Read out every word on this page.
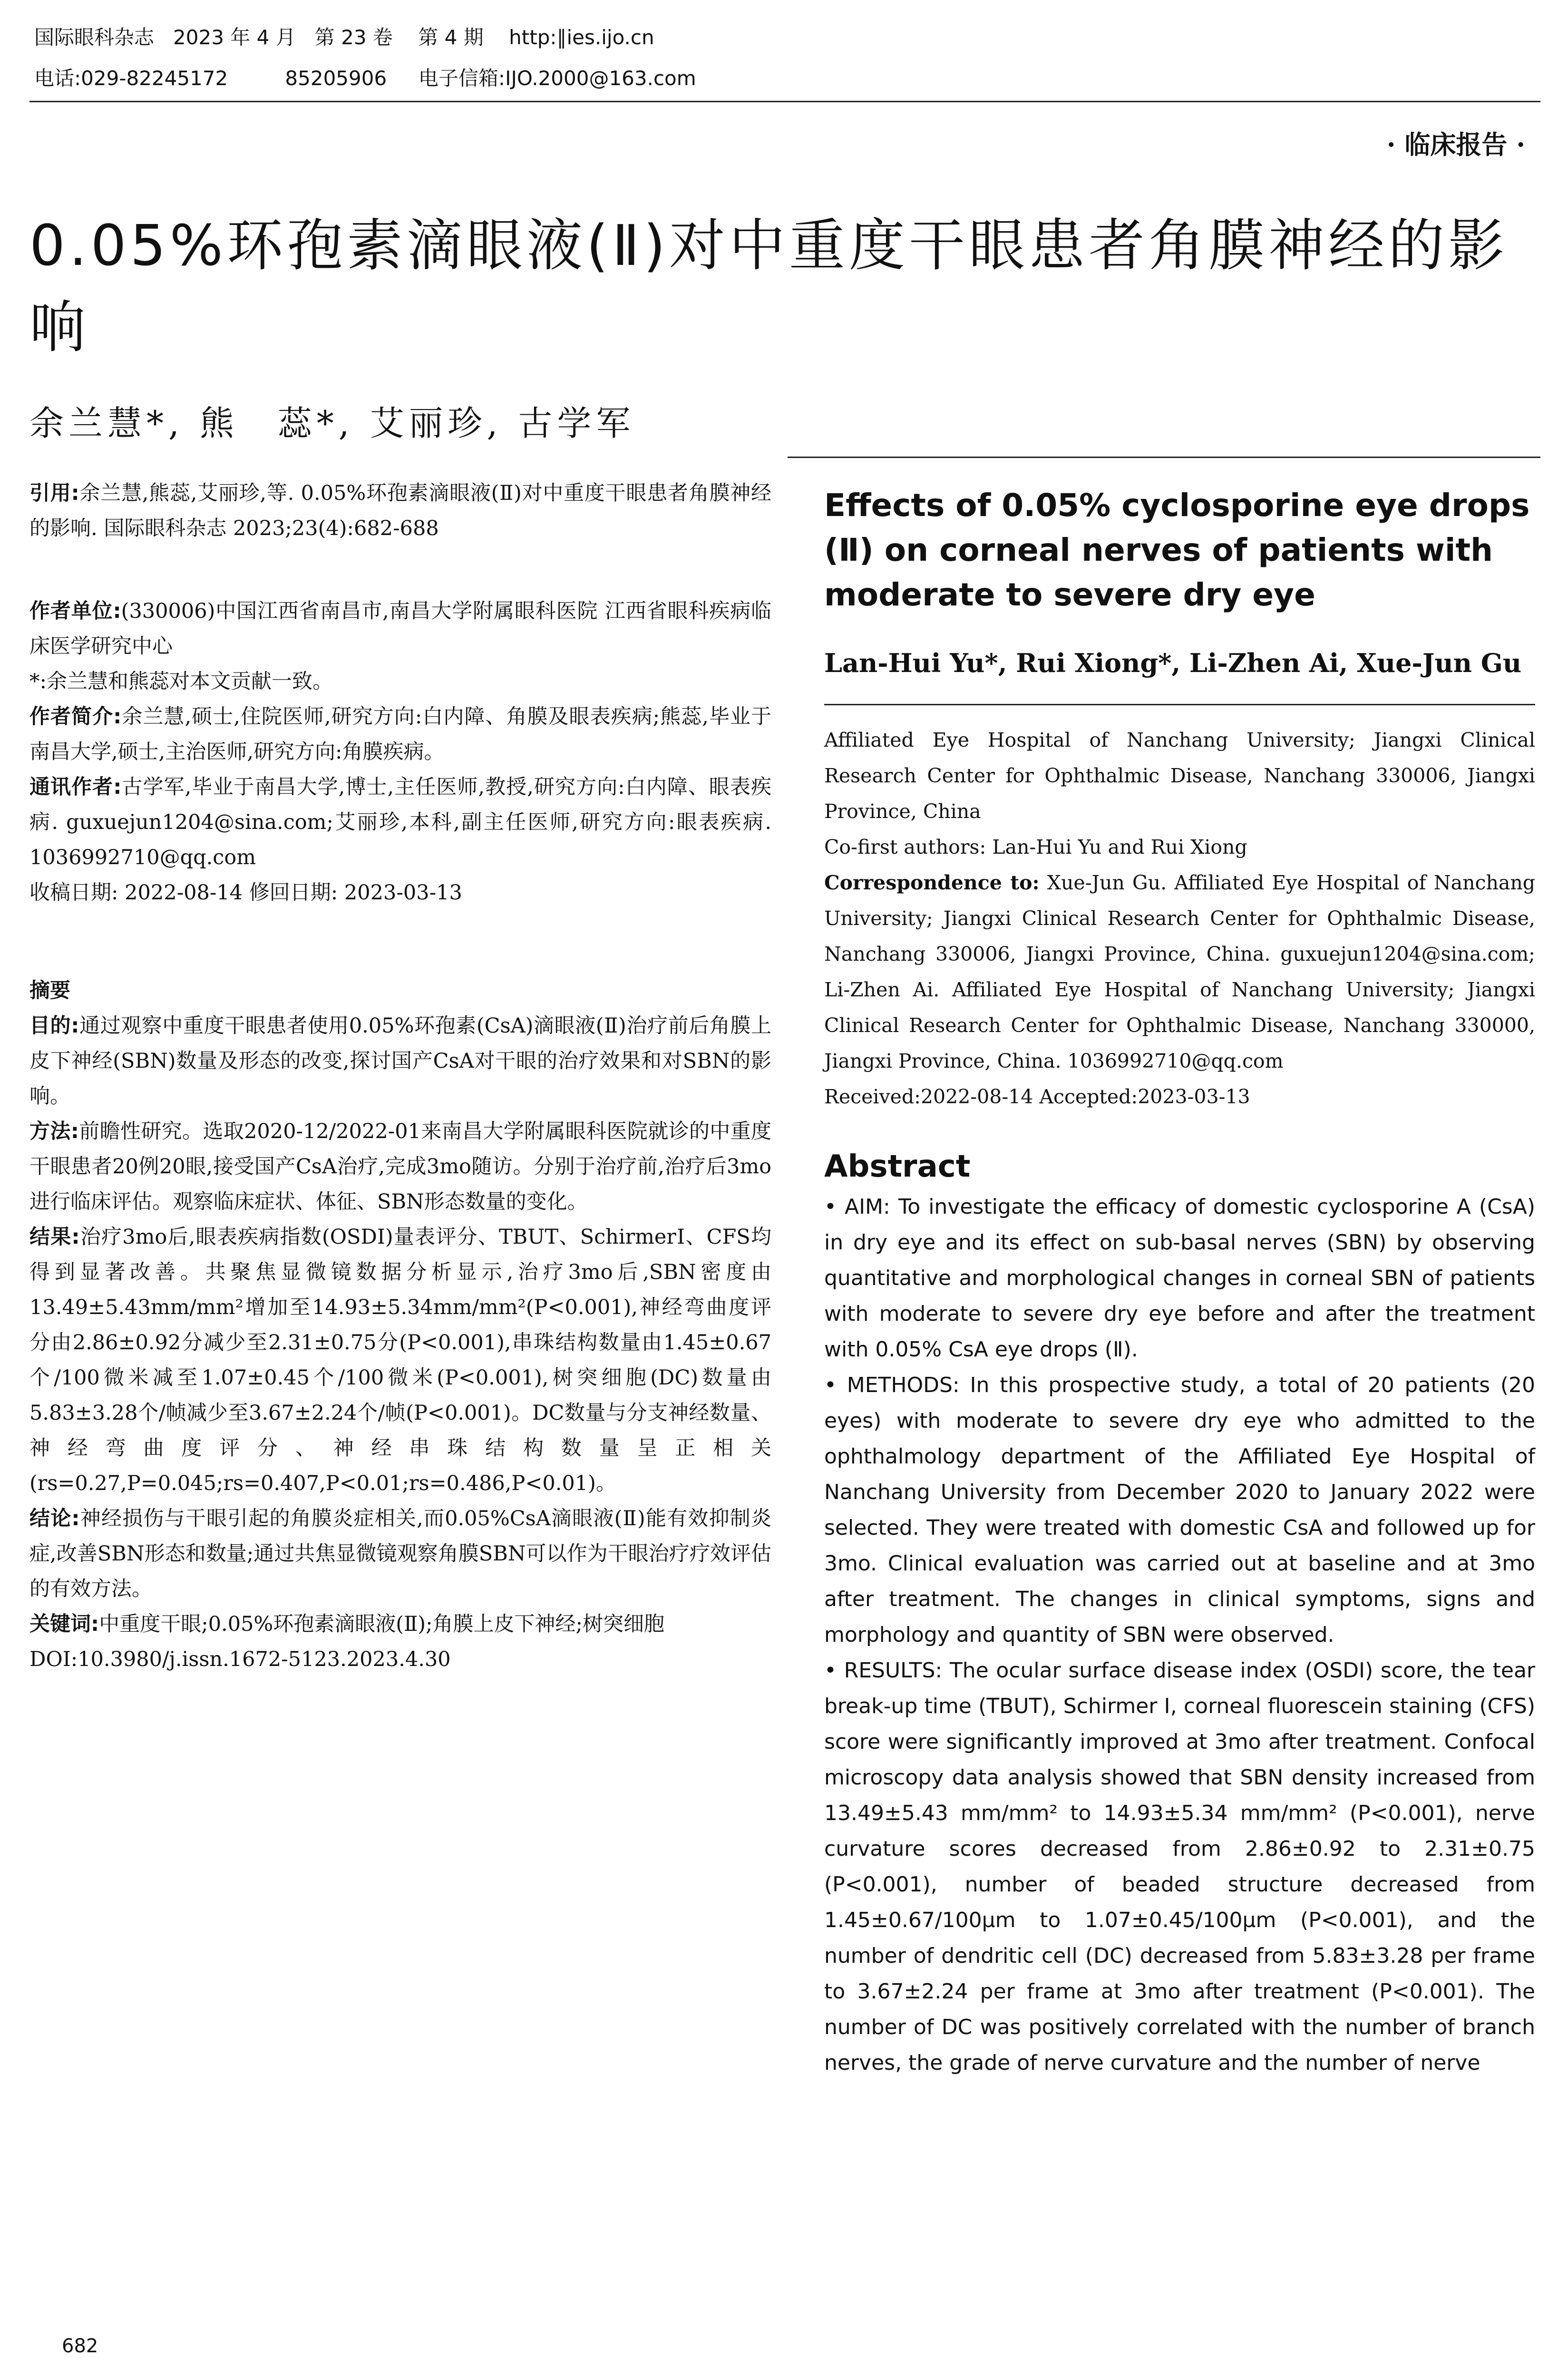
国际眼科杂志   2023 年 4 月   第 23 卷    第 4 期    http:∥ies.ijo.cn
电话:029-82245172         85205906     电子信箱:IJO.2000@163.com
· 临床报告 ·
0.05%环孢素滴眼液(Ⅱ)对中重度干眼患者角膜神经的影响
余兰慧*, 熊　蕊*, 艾丽珍, 古学军

引用:余兰慧,熊蕊,艾丽珍,等. 0.05%环孢素滴眼液(Ⅱ)对中重度干眼患者角膜神经的影响. 国际眼科杂志 2023;23(4):682-688

作者单位:(330006)中国江西省南昌市,南昌大学附属眼科医院 江西省眼科疾病临床医学研究中心

*:余兰慧和熊蕊对本文贡献一致。

作者简介:余兰慧,硕士,住院医师,研究方向:白内障、角膜及眼表疾病;熊蕊,毕业于南昌大学,硕士,主治医师,研究方向:角膜疾病。

通讯作者:古学军,毕业于南昌大学,博士,主任医师,教授,研究方向:白内障、眼表疾病. guxuejun1204@sina.com;艾丽珍,本科,副主任医师,研究方向:眼表疾病. 1036992710@qq.com

收稿日期: 2022-08-14 修回日期: 2023-03-13

摘要

目的:通过观察中重度干眼患者使用0.05%环孢素(CsA)滴眼液(Ⅱ)治疗前后角膜上皮下神经(SBN)数量及形态的改变,探讨国产CsA对干眼的治疗效果和对SBN的影响。

方法:前瞻性研究。选取2020-12/2022-01来南昌大学附属眼科医院就诊的中重度干眼患者20例20眼,接受国产CsA治疗,完成3mo随访。分别于治疗前,治疗后3mo进行临床评估。观察临床症状、体征、SBN形态数量的变化。

结果:治疗3mo后,眼表疾病指数(OSDI)量表评分、TBUT、SchirmerⅠ、CFS均得到显著改善。共聚焦显微镜数据分析显示,治疗3mo后,SBN密度由13.49±5.43mm/mm²增加至14.93±5.34mm/mm²(P<0.001),神经弯曲度评分由2.86±0.92分减少至2.31±0.75分(P<0.001),串珠结构数量由1.45±0.67个/100微米减至1.07±0.45个/100微米(P<0.001),树突细胞(DC)数量由5.83±3.28个/帧减少至3.67±2.24个/帧(P<0.001)。DC数量与分支神经数量、神经弯曲度评分、神经串珠结构数量呈正相关(rs=0.27,P=0.045;rs=0.407,P<0.01;rs=0.486,P<0.01)。

结论:神经损伤与干眼引起的角膜炎症相关,而0.05%CsA滴眼液(Ⅱ)能有效抑制炎症,改善SBN形态和数量;通过共焦显微镜观察角膜SBN可以作为干眼治疗疗效评估的有效方法。

关键词:中重度干眼;0.05%环孢素滴眼液(Ⅱ);角膜上皮下神经;树突细胞

DOI:10.3980/j.issn.1672-5123.2023.4.30

Effects of 0.05% cyclosporine eye drops (Ⅱ) on corneal nerves of patients with moderate to severe dry eye

Lan-Hui Yu*, Rui Xiong*, Li-Zhen Ai, Xue-Jun Gu

Affiliated Eye Hospital of Nanchang University; Jiangxi Clinical Research Center for Ophthalmic Disease, Nanchang 330006, Jiangxi Province, China

Co-first authors: Lan-Hui Yu and Rui Xiong

Correspondence to: Xue-Jun Gu. Affiliated Eye Hospital of Nanchang University; Jiangxi Clinical Research Center for Ophthalmic Disease, Nanchang 330006, Jiangxi Province, China. guxuejun1204@sina.com; Li-Zhen Ai. Affiliated Eye Hospital of Nanchang University; Jiangxi Clinical Research Center for Ophthalmic Disease, Nanchang 330000, Jiangxi Province, China. 1036992710@qq.com

Received:2022-08-14 Accepted:2023-03-13

Abstract

• AIM: To investigate the efficacy of domestic cyclosporine A (CsA) in dry eye and its effect on sub-basal nerves (SBN) by observing quantitative and morphological changes in corneal SBN of patients with moderate to severe dry eye before and after the treatment with 0.05% CsA eye drops (Ⅱ).

• METHODS: In this prospective study, a total of 20 patients (20 eyes) with moderate to severe dry eye who admitted to the ophthalmology department of the Affiliated Eye Hospital of Nanchang University from December 2020 to January 2022 were selected. They were treated with domestic CsA and followed up for 3mo. Clinical evaluation was carried out at baseline and at 3mo after treatment. The changes in clinical symptoms, signs and morphology and quantity of SBN were observed.

• RESULTS: The ocular surface disease index (OSDI) score, the tear break-up time (TBUT), Schirmer Ⅰ, corneal fluorescein staining (CFS) score were significantly improved at 3mo after treatment. Confocal microscopy data analysis showed that SBN density increased from 13.49±5.43 mm/mm² to 14.93±5.34 mm/mm² (P<0.001), nerve curvature scores decreased from 2.86±0.92 to 2.31±0.75 (P<0.001), number of beaded structure decreased from 1.45±0.67/100μm to 1.07±0.45/100μm (P<0.001), and the number of dendritic cell (DC) decreased from 5.83±3.28 per frame to 3.67±2.24 per frame at 3mo after treatment (P<0.001). The number of DC was positively correlated with the number of branch nerves, the grade of nerve curvature and the number of nerve

682
